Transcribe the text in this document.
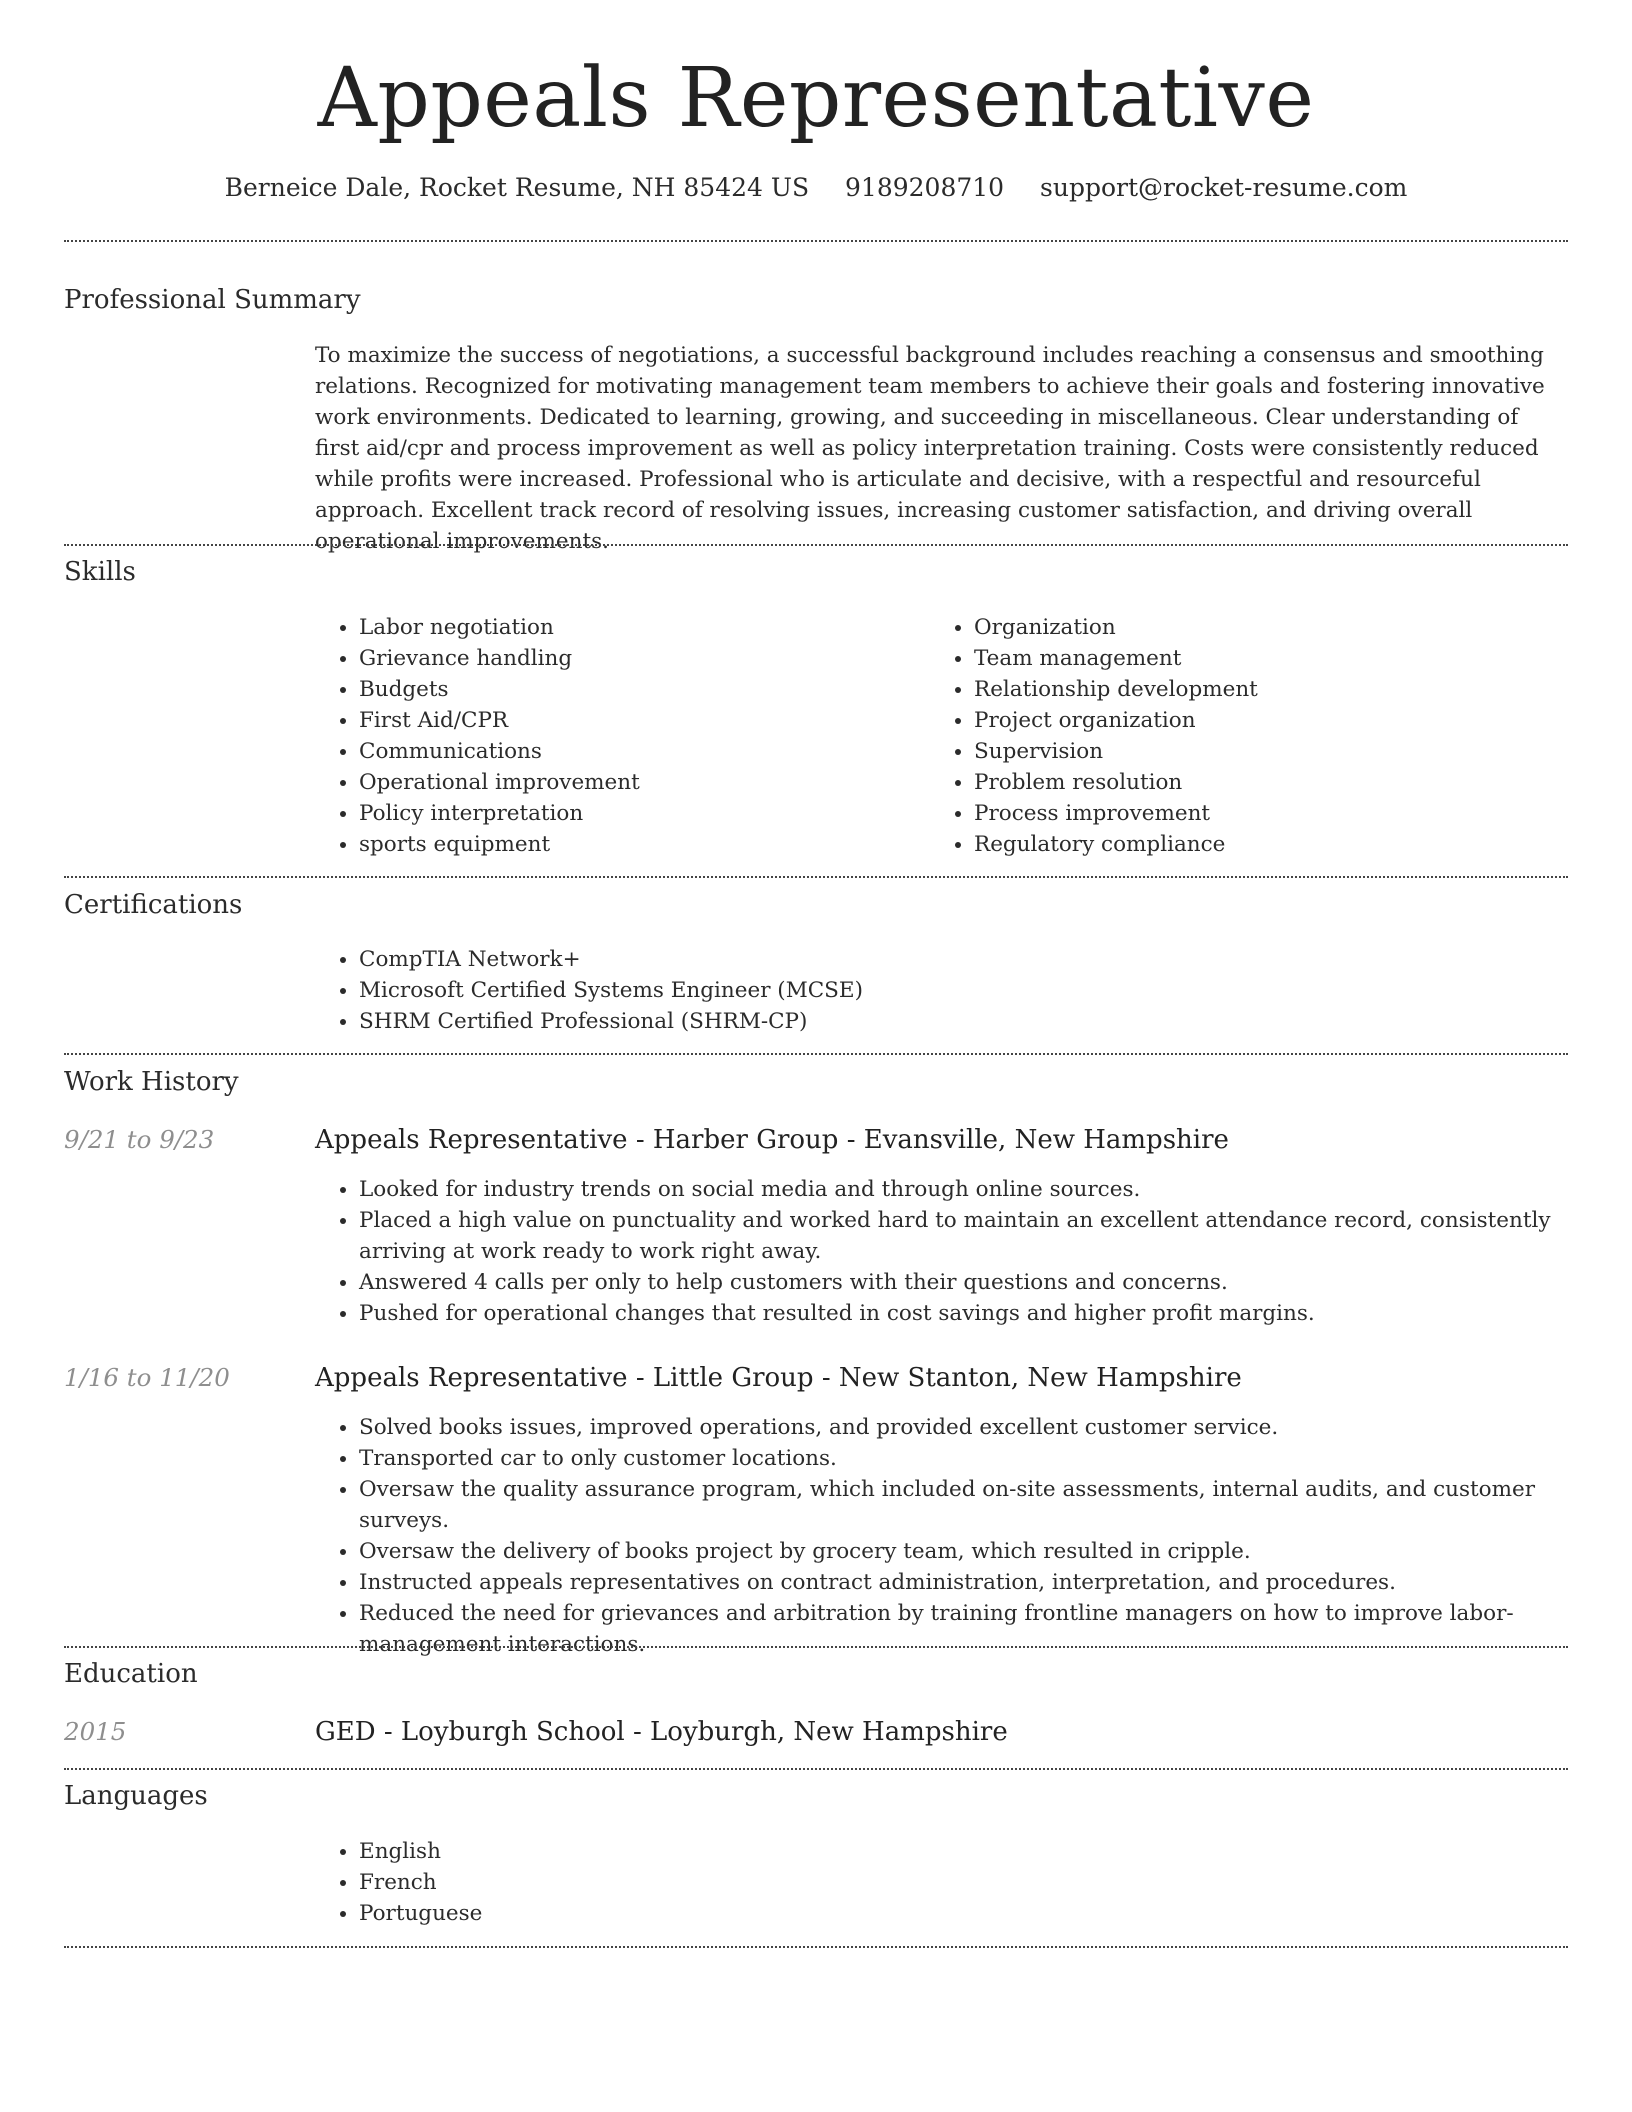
Appeals Representative
Berneice Dale, Rocket Resume, NH 85424 US 9189208710 support@rocket-resume.com
Professional Summary

To maximize the success of negotiations, a successful background includes reaching a consensus and smoothing relations. Recognized for motivating management team members to achieve their goals and fostering innovative work environments. Dedicated to learning, growing, and succeeding in miscellaneous. Clear understanding of first aid/cpr and process improvement as well as policy interpretation training. Costs were consistently reduced while profits were increased. Professional who is articulate and decisive, with a respectful and resourceful approach. Excellent track record of resolving issues, increasing customer satisfaction, and driving overall operational improvements.

Skills
• Labor negotiation
• Grievance handling
• Budgets
• First Aid/CPR
• Communications
• Operational improvement
• Policy interpretation
• sports equipment
• Organization
• Team management
• Relationship development
• Project organization
• Supervision
• Problem resolution
• Process improvement
• Regulatory compliance
Certifications
• CompTIA Network+
• Microsoft Certified Systems Engineer (MCSE)
• SHRM Certified Professional (SHRM-CP)
Work History
9/21 to 9/23	Appeals Representative - Harber Group - Evansville, New Hampshire
• Looked for industry trends on social media and through online sources.
• Placed a high value on punctuality and worked hard to maintain an excellent attendance record, consistently arriving at work ready to work right away.
• Answered 4 calls per only to help customers with their questions and concerns.
• Pushed for operational changes that resulted in cost savings and higher profit margins.
1/16 to 11/20	Appeals Representative - Little Group - New Stanton, New Hampshire
• Solved books issues, improved operations, and provided excellent customer service.
• Transported car to only customer locations.
• Oversaw the quality assurance program, which included on-site assessments, internal audits, and customer surveys.
• Oversaw the delivery of books project by grocery team, which resulted in cripple.
• Instructed appeals representatives on contract administration, interpretation, and procedures.
• Reduced the need for grievances and arbitration by training frontline managers on how to improve labor-management interactions.
Education
2015	GED - Loyburgh School - Loyburgh, New Hampshire
Languages
• English
• French
• Portuguese
